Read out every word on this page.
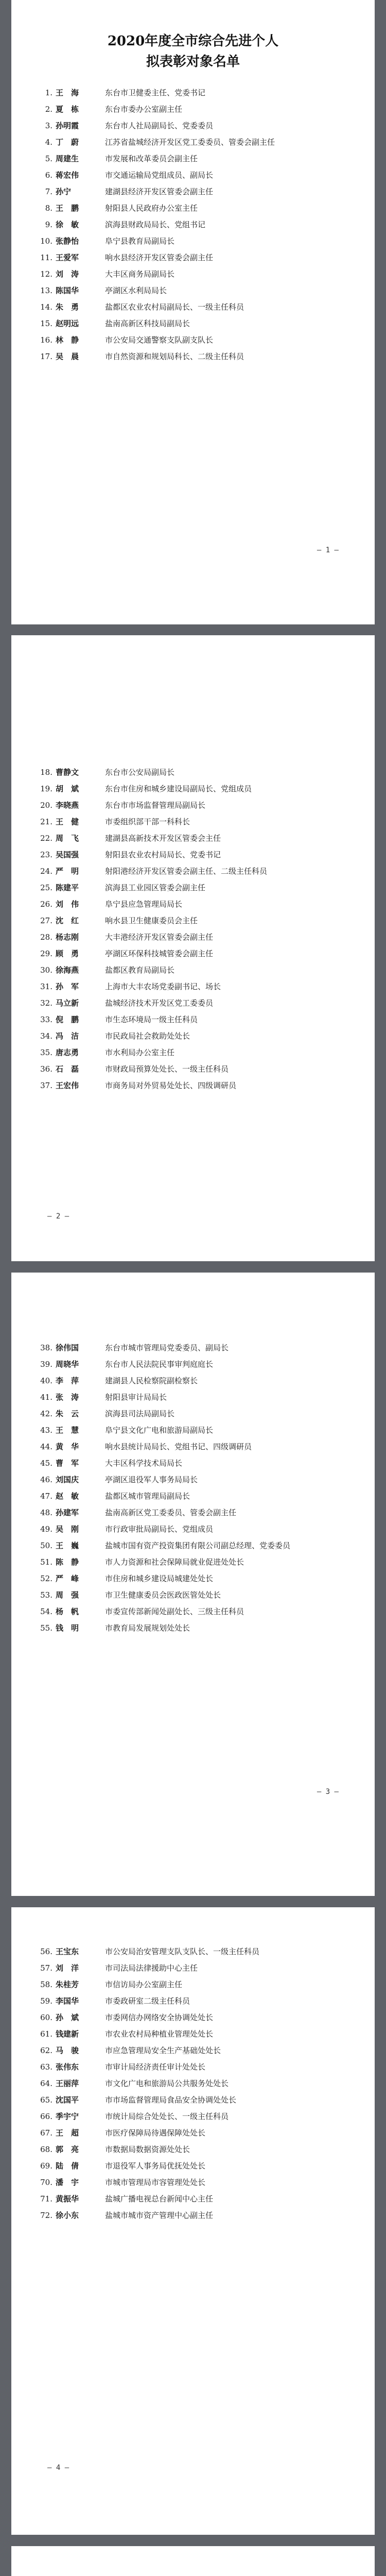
2020年度全市综合先进个人
拟表彰对象名单
1. 王　海	东台市卫健委主任、党委书记
2. 夏　栋	东台市委办公室副主任
3. 孙明霞	东台市人社局副局长、党委委员
4. 丁　蔚	江苏省盐城经济开发区党工委委员、管委会副主任
5. 周建生	市发展和改革委员会副主任
6. 蒋宏伟	市交通运输局党组成员、副局长
7. 孙宁	建湖县经济开发区管委会副主任
8. 王　鹏	射阳县人民政府办公室主任
9. 徐　敏	滨海县财政局局长、党组书记
10. 张静怡	阜宁县教育局副局长
11. 王爱军	响水县经济开发区管委会副主任
12. 刘　涛	大丰区商务局副局长
13. 陈国华	亭湖区水利局局长
14. 朱　勇	盐都区农业农村局副局长、一级主任科员
15. 赵明远	盐南高新区科技局副局长
16. 林　静	市公安局交通警察支队副支队长
17. 吴　晨	市自然资源和规划局科长、二级主任科员
— 1 —
18. 曹静文	东台市公安局副局长
19. 胡　斌	东台市住房和城乡建设局副局长、党组成员
20. 李晓燕	东台市市场监督管理局副局长
21. 王　健	市委组织部干部一科科长
22. 周　飞	建湖县高新技术开发区管委会主任
23. 吴国强	射阳县农业农村局局长、党委书记
24. 严　明	射阳港经济开发区管委会副主任、二级主任科员
25. 陈建平	滨海县工业园区管委会副主任
26. 刘　伟	阜宁县应急管理局局长
27. 沈　红	响水县卫生健康委员会主任
28. 杨志刚	大丰港经济开发区管委会副主任
29. 顾　勇	亭湖区环保科技城管委会副主任
30. 徐海燕	盐都区教育局副局长
31. 孙　军	上海市大丰农场党委副书记、场长
32. 马立新	盐城经济技术开发区党工委委员
33. 倪　鹏	市生态环境局一级主任科员
34. 冯　洁	市民政局社会救助处处长
35. 唐志勇	市水利局办公室主任
36. 石　磊	市财政局预算处处长、一级主任科员
37. 王宏伟	市商务局对外贸易处处长、四级调研员
— 2 —
38. 徐伟国	东台市城市管理局党委委员、副局长
39. 周晓华	东台市人民法院民事审判庭庭长
40. 李　萍	建湖县人民检察院副检察长
41. 张　涛	射阳县审计局局长
42. 朱　云	滨海县司法局副局长
43. 王　慧	阜宁县文化广电和旅游局副局长
44. 黄　华	响水县统计局局长、党组书记、四级调研员
45. 曹　军	大丰区科学技术局局长
46. 刘国庆	亭湖区退役军人事务局局长
47. 赵　敏	盐都区城市管理局副局长
48. 孙建军	盐南高新区党工委委员、管委会副主任
49. 吴　刚	市行政审批局副局长、党组成员
50. 王　巍	盐城市国有资产投资集团有限公司副总经理、党委委员
51. 陈　静	市人力资源和社会保障局就业促进处处长
52. 严　峰	市住房和城乡建设局城建处处长
53. 周　强	市卫生健康委员会医政医管处处长
54. 杨　帆	市委宣传部新闻处副处长、三级主任科员
55. 钱　明	市教育局发展规划处处长
— 3 —
56. 王宝东	市公安局治安管理支队支队长、一级主任科员
57. 刘　洋	市司法局法律援助中心主任
58. 朱桂芳	市信访局办公室副主任
59. 李国华	市委政研室二级主任科员
60. 孙　斌	市委网信办网络安全协调处处长
61. 钱建新	市农业农村局种植业管理处处长
62. 马　骏	市应急管理局安全生产基础处处长
63. 张伟东	市审计局经济责任审计处处长
64. 王丽萍	市文化广电和旅游局公共服务处处长
65. 沈国平	市市场监督管理局食品安全协调处处长
66. 季宇宁	市统计局综合处处长、一级主任科员
67. 王　超	市医疗保障局待遇保障处处长
68. 郭　亮	市数据局数据资源处处长
69. 陆　倩	市退役军人事务局优抚处处长
70. 潘　宇	市城市管理局市容管理处处长
71. 黄振华	盐城广播电视总台新闻中心主任
72. 徐小东	盐城市城市资产管理中心副主任
— 4 —
